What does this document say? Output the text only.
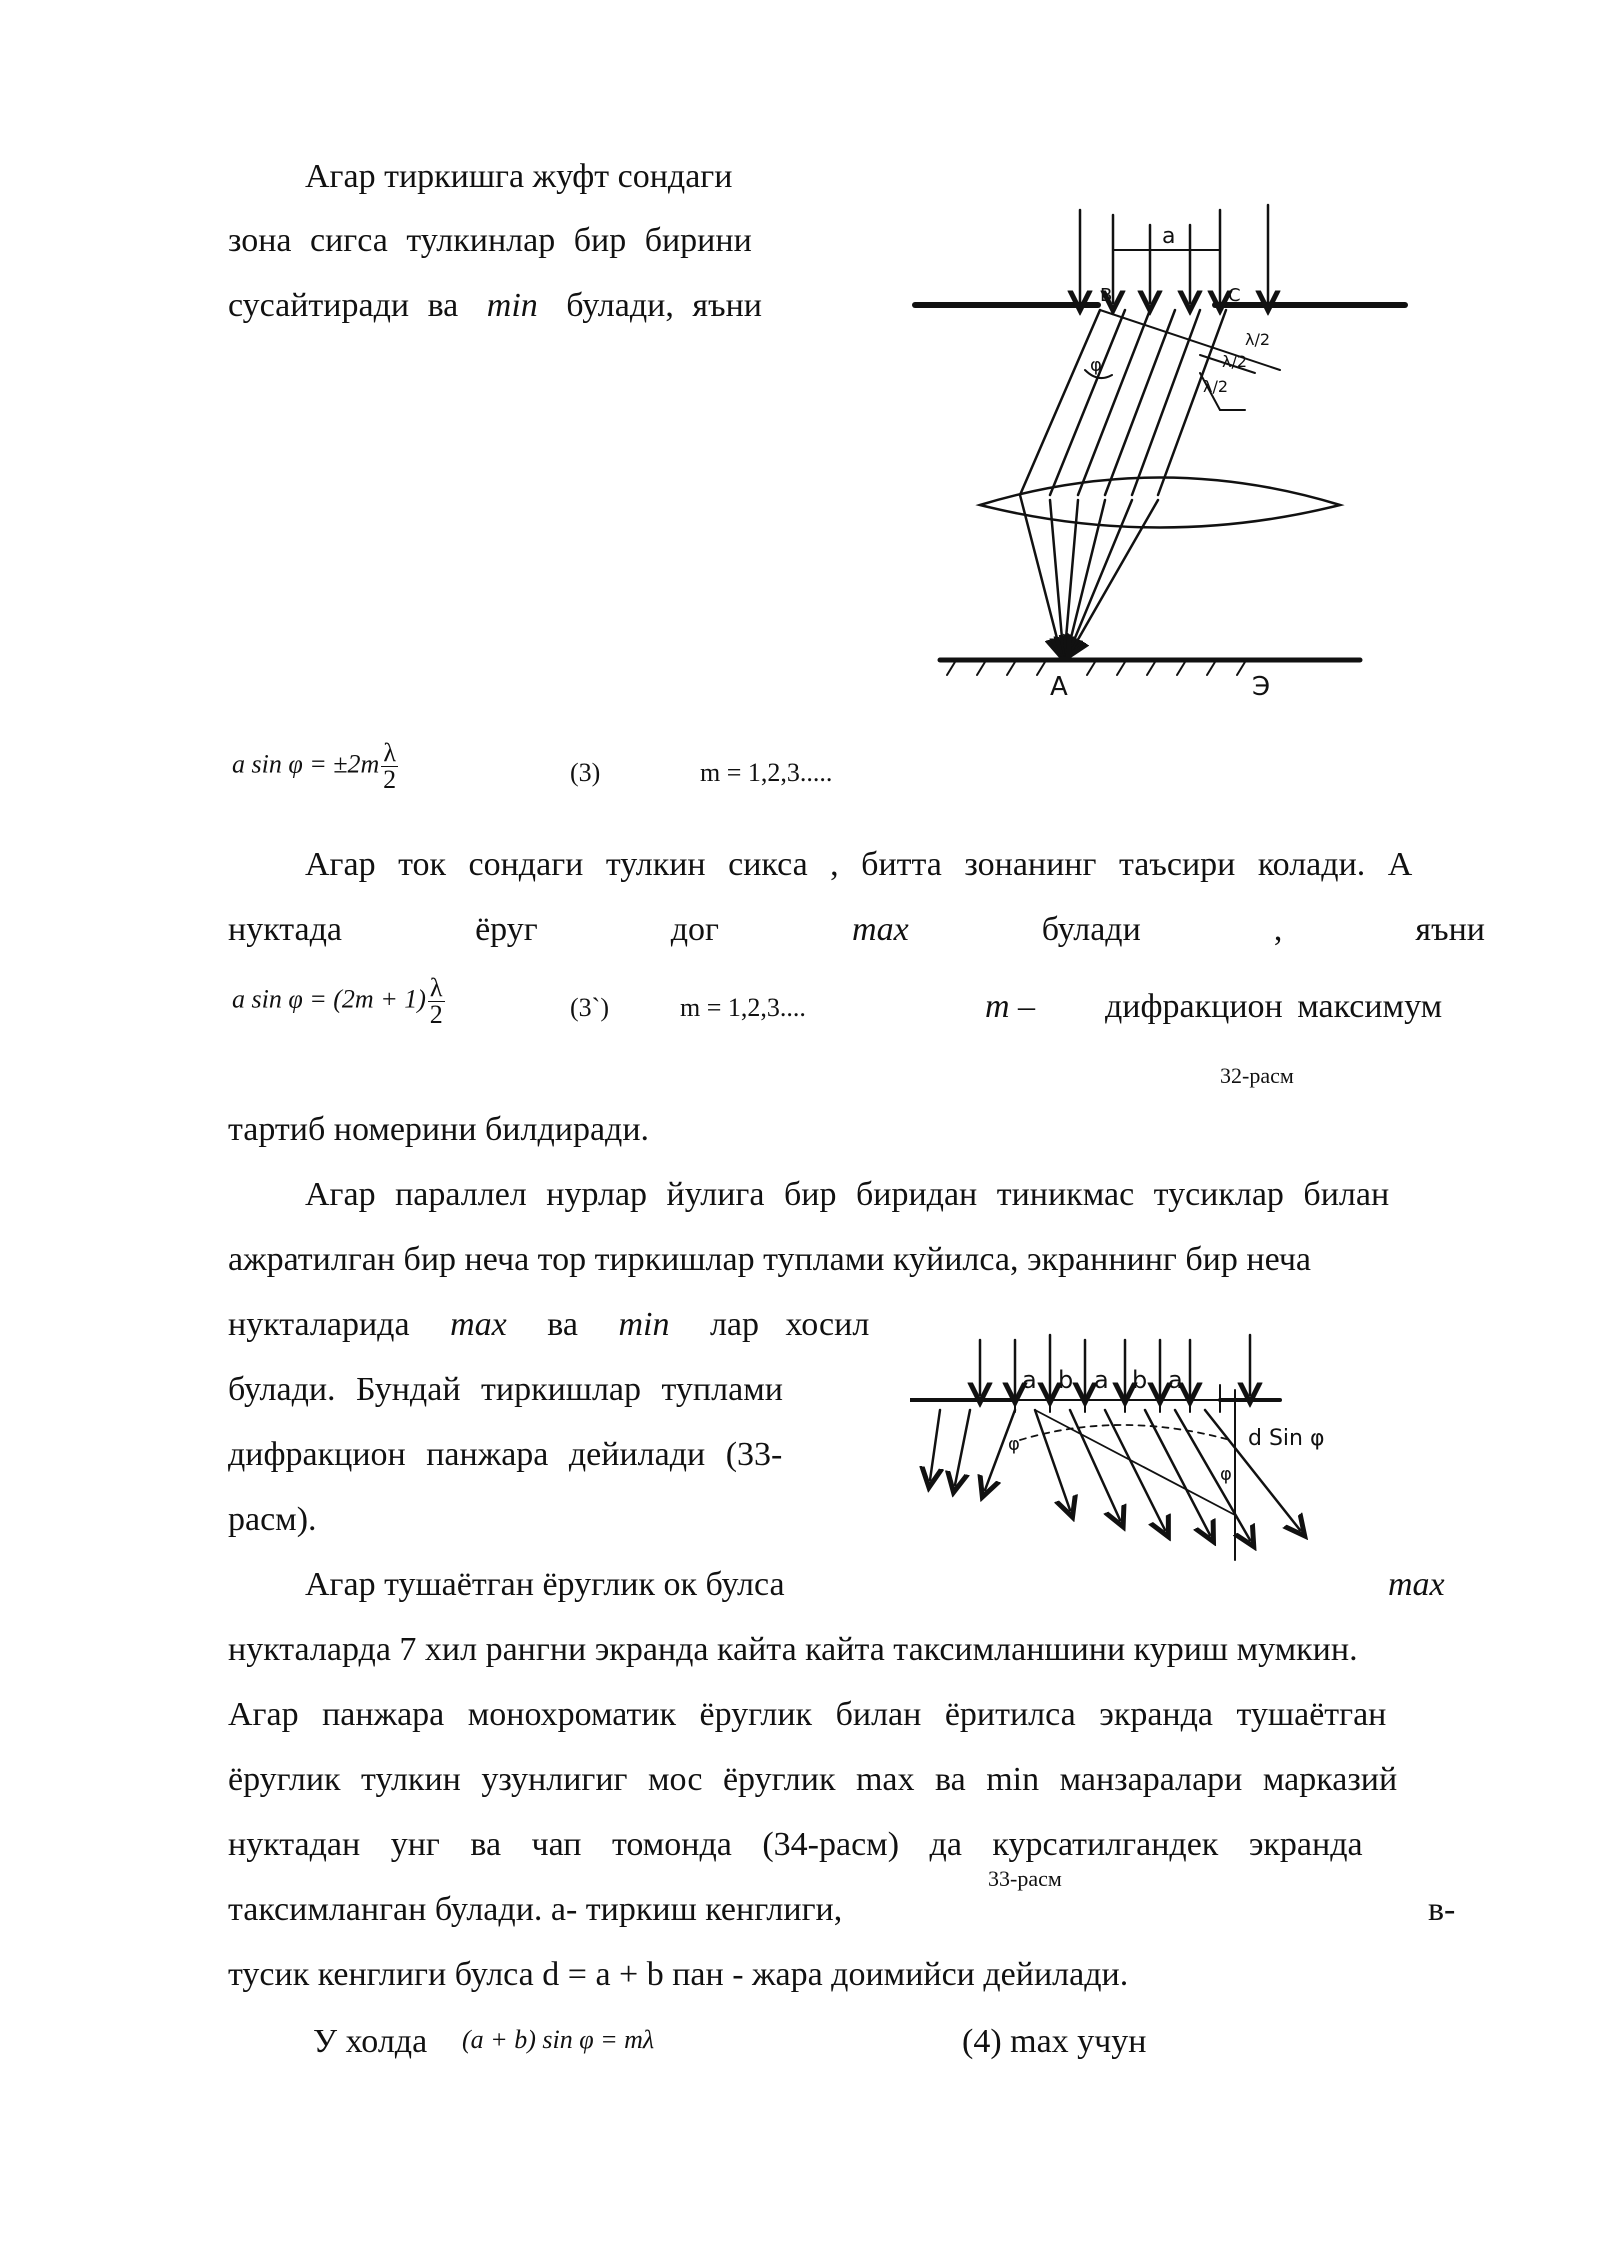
Агар тиркишга жуфт сондаги
зона сигса тулкинлар бир бирини
сусайтиради ва min булади, яъни
a
B	C
φ
λ/2
λ/2
λ/2
A	Э
a $\sin \varphi = \pm 2m \frac{\lambda}{2}$	(3)	m = 1,2,3.....
Агар ток сондаги тулкин сикса , битта зонанинг таъсири колади. А
нуктада	ёруг	дог	max	булади	,	яъни
a $\sin \varphi = (2m + 1) \frac{\lambda}{2}$	(3`)	m = 1,2,3....	m – дифракцион максимум
32-расм
тартиб номерини билдиради.
Агар параллел нурлар йулига бир биридан тиникмас тусиклар билан
ажратилган бир неча тор тиркишлар туплами куйилса, экраннинг бир неча
нукталарида max ва min лар хосил
булади. Бундай тиркишлар туплами
дифракцион панжара дейилади (33-
расм).
a b a b a
d Sin φ
φ
φ
Агар тушаётган ёруглик ок булса	max
нукталарда 7 хил рангни экранда кайта кайта таксимланшини куриш мумкин.
Агар панжара монохроматик ёруглик билан ёритилса экранда тушаётган
ёруглик тулкин узунлигиг мос ёруглик max ва min манзаралари марказий
нуктадан унг ва чап томонда (34-расм) да курсатилгандек экранда
33-расм
таксимланган булади. а- тиркиш кенглиги,	в-
тусик кенглиги булса d = a + b пан - жара доимийси дейилади.
У холда (a + b) sin φ = mλ	(4) max учун
